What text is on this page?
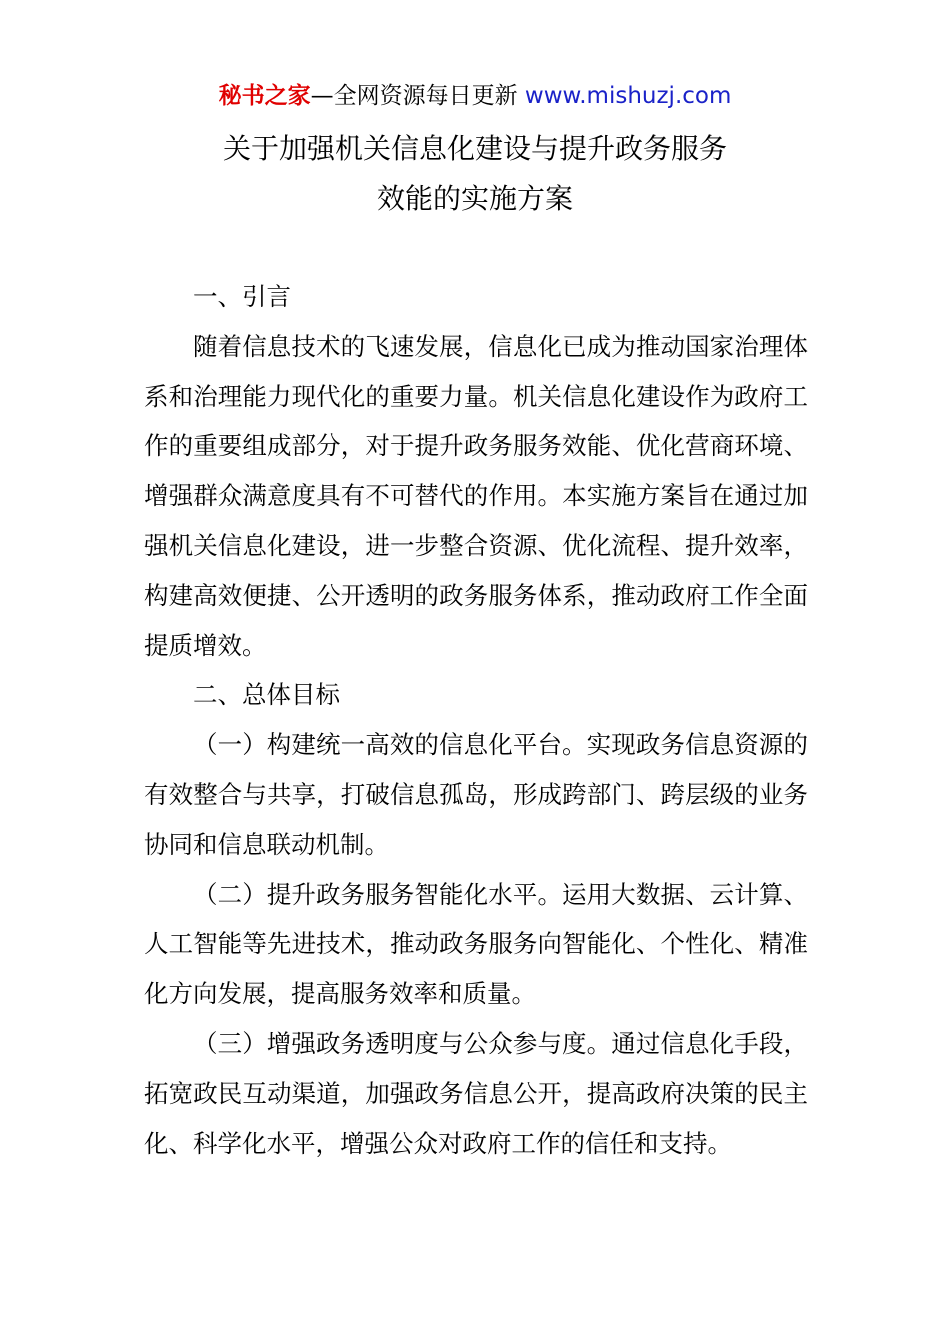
秘书之家—全网资源每日更新 www.mishuzj.com
关于加强机关信息化建设与提升政务服务
效能的实施方案

一、引言

随着信息技术的飞速发展，信息化已成为推动国家治理体系和治理能力现代化的重要力量。机关信息化建设作为政府工作的重要组成部分，对于提升政务服务效能、优化营商环境、增强群众满意度具有不可替代的作用。本实施方案旨在通过加强机关信息化建设，进一步整合资源、优化流程、提升效率，构建高效便捷、公开透明的政务服务体系，推动政府工作全面提质增效。

二、总体目标

（一）构建统一高效的信息化平台。实现政务信息资源的有效整合与共享，打破信息孤岛，形成跨部门、跨层级的业务协同和信息联动机制。

（二）提升政务服务智能化水平。运用大数据、云计算、人工智能等先进技术，推动政务服务向智能化、个性化、精准化方向发展，提高服务效率和质量。

（三）增强政务透明度与公众参与度。通过信息化手段，拓宽政民互动渠道，加强政务信息公开，提高政府决策的民主化、科学化水平，增强公众对政府工作的信任和支持。
